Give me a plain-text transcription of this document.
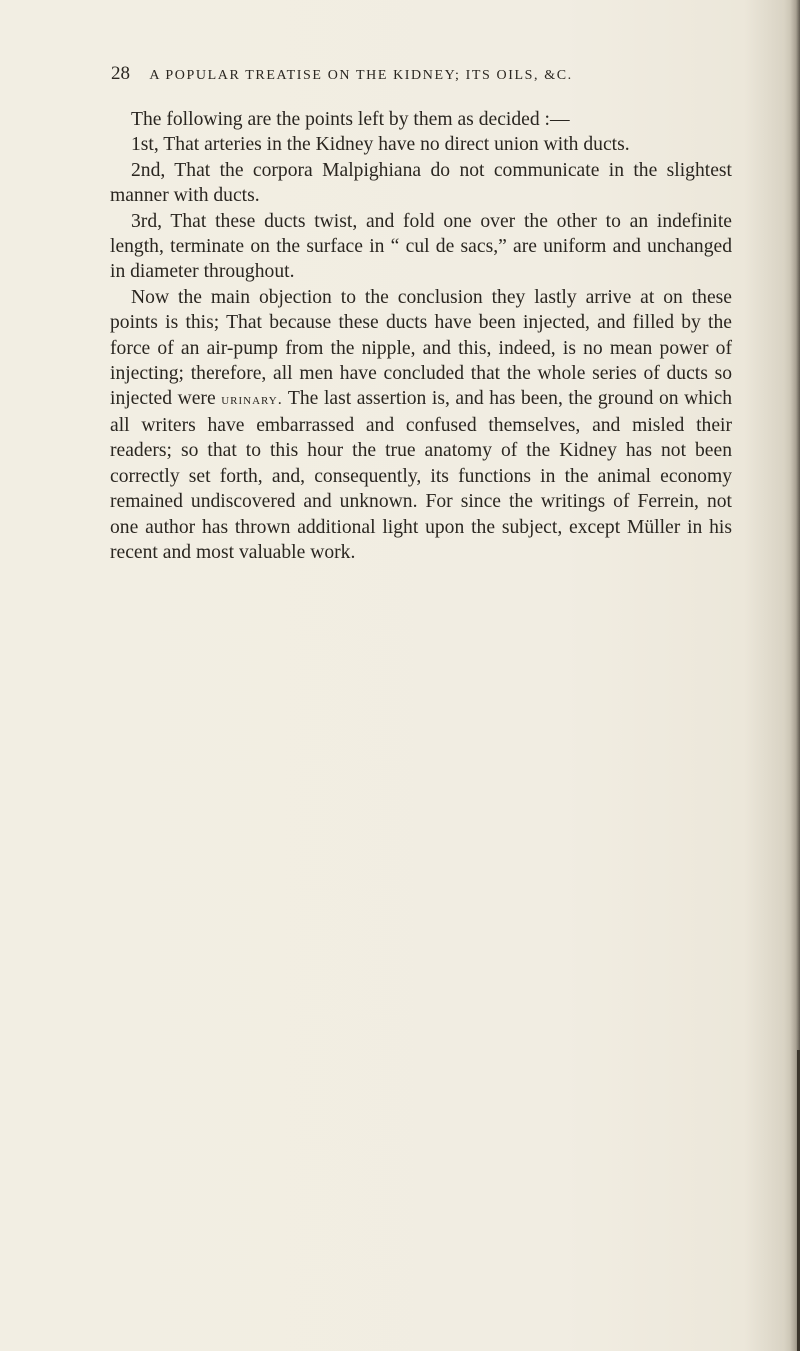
28 A POPULAR TREATISE ON THE KIDNEY; ITS OILS, &C.

The following are the points left by them as decided :—

1st, That arteries in the Kidney have no direct union with ducts.

2nd, That the corpora Malpighiana do not communicate in the slightest manner with ducts.

3rd, That these ducts twist, and fold one over the other to an indefinite length, terminate on the surface in “ cul de sacs,” are uniform and unchanged in diameter throughout.

Now the main objection to the conclusion they lastly arrive at on these points is this; That because these ducts have been injected, and filled by the force of an air-pump from the nipple, and this, indeed, is no mean power of injecting; therefore, all men have concluded that the whole series of ducts so injected were urinary. The last assertion is, and has been, the ground on which all writers have embarrassed and confused themselves, and misled their readers; so that to this hour the true anatomy of the Kidney has not been correctly set forth, and, consequently, its functions in the animal economy remained undiscovered and unknown. For since the writings of Ferrein, not one author has thrown additional light upon the subject, except Müller in his recent and most valuable work.
